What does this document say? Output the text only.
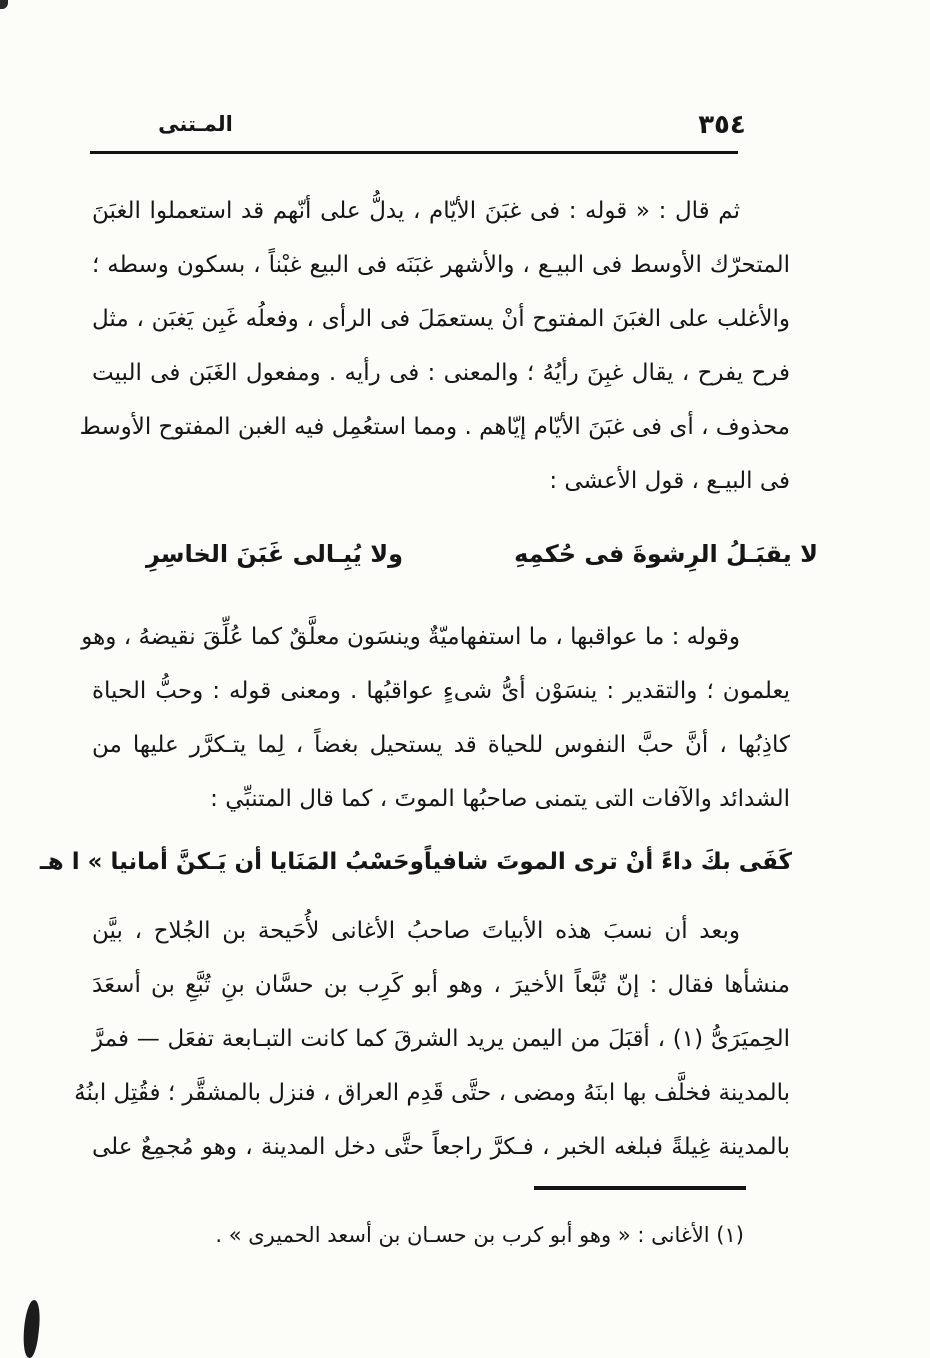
المـتنى	٣٥٤
ثم قال : « قوله : فى غبَنَ الأيّام ، يدلُّ على أنّهم قد استعملوا الغبَنَ
المتحرّك الأوسط فى البيـع ، والأشهر غبَنَه فى البيع غبْناً ، بسكون وسطه ؛
والأغلب على الغبَنَ المفتوح أنْ يستعمَلَ فى الرأى ، وفعلُه غَبِن يَغبَن ، مثل
فرح يفرح ، يقال غبِنَ رأيُهُ ؛ والمعنى : فى رأيه . ومفعول الغَبَن فى البيت
محذوف ، أى فى غبَنَ الأيّام إيّاهم . ومما استعُمِل فيه الغبن المفتوح الأوسط
فى البيـع ، قول الأعشى :
لا يقبَـلُ الرِشوةَ فى حُكمِهِ
ولا يُبِـالى غَبَنَ الخاسِرِ
وقوله : ما عواقبها ، ما استفهاميّةٌ وينسَون معلَّقٌ كما عُلِّقَ نقيضهُ ، وهو
يعلمون ؛ والتقدير : ينسَوْن أىُّ شىءٍ عواقبُها . ومعنى قوله : وحبُّ الحياة
كاذِبُها ، أنَّ حبَّ النفوس للحياة قد يستحيل بغضاً ، لِما يتـكرَّر عليها من
الشدائد والآفات التى يتمنى صاحبُها الموتَ ، كما قال المتنبِّي :
كَفَى بكَ داءً أنْ ترى الموتَ شافياً
وحَسْبُ المَنَايا أن يَـكنَّ أمانيا » ا هـ
وبعد أن نسبَ هذه الأبياتَ صاحبُ الأغانى لأُحَيحة بن الجُلاح ، بيَّن
منشأها فقال : إنّ تُبَّعاً الأخيرَ ، وهو أبو كَرِب بن حسَّان بنِ تُبَّعِ بن أسعَدَ
الحِميَرَىُّ (١) ، أقبَلَ من اليمن يريد الشرقَ كما كانت التبـابعة تفعَل — فمرَّ
بالمدينة فخلَّف بها ابنَهُ ومضى ، حتَّى قَدِم العراق ، فنزل بالمشقَّر ؛ فقُتِل ابنُهُ
بالمدينة غِيلةً فبلغه الخبر ، فـكرَّ راجعاً حتَّى دخل المدينة ، وهو مُجمِعٌ على
(١) الأغانى : « وهو أبو كرب بن حسـان بن أسعد الحميرى » .
